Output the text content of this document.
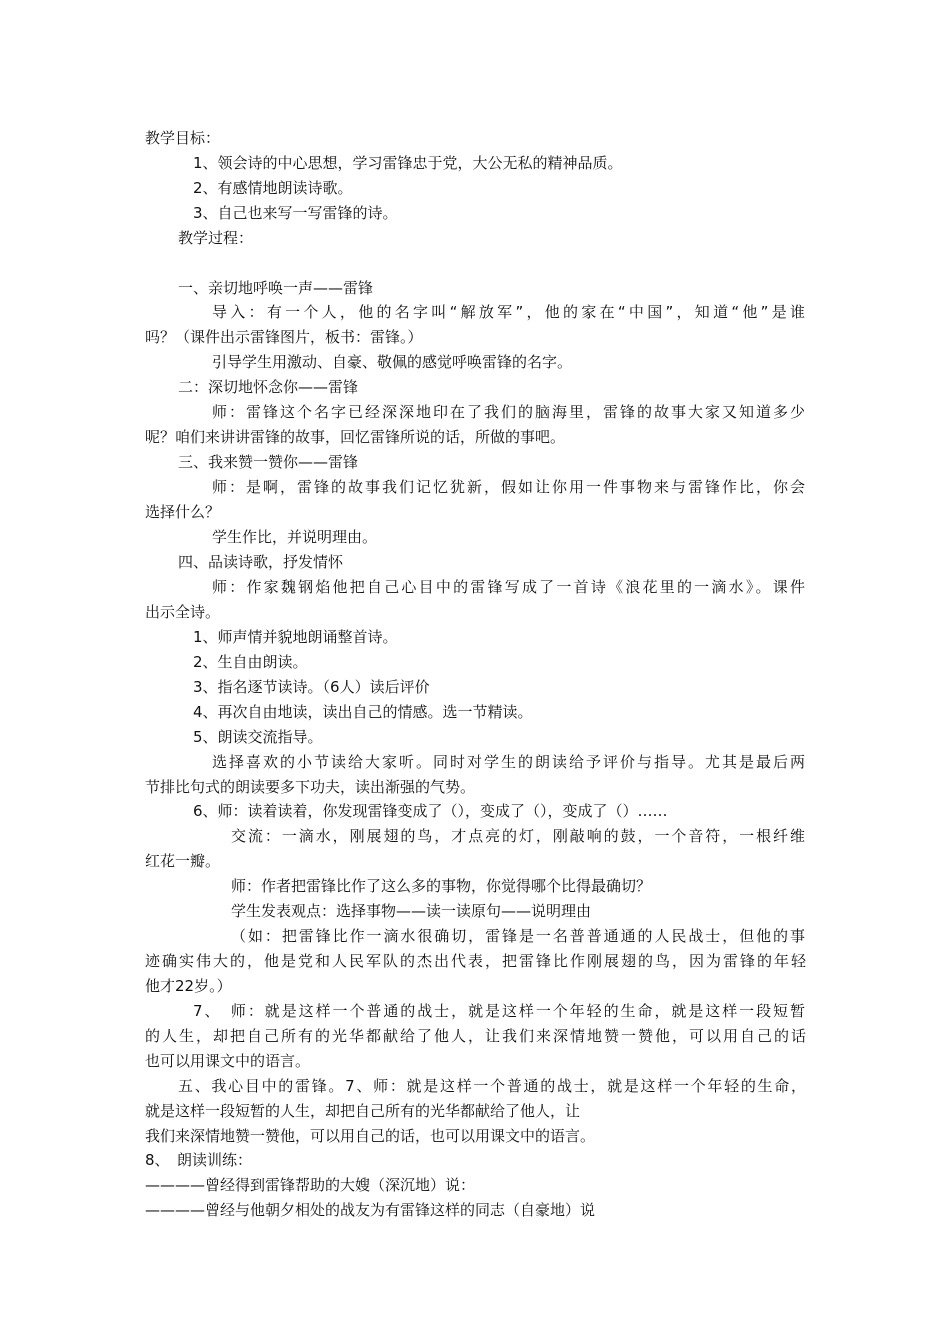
教学目标：
1、领会诗的中心思想，学习雷锋忠于党，大公无私的精神品质。
2、有感情地朗读诗歌。
3、自己也来写一写雷锋的诗。
教学过程：
一、亲切地呼唤一声——雷锋
导入：有一个人，他的名字叫“解放军”，他的家在“中国”，知道“他”是谁
吗？（课件出示雷锋图片，板书：雷锋。）
引导学生用激动、自豪、敬佩的感觉呼唤雷锋的名字。
二：深切地怀念你——雷锋
师：雷锋这个名字已经深深地印在了我们的脑海里，雷锋的故事大家又知道多少
呢？咱们来讲讲雷锋的故事，回忆雷锋所说的话，所做的事吧。
三、我来赞一赞你——雷锋
师：是啊，雷锋的故事我们记忆犹新，假如让你用一件事物来与雷锋作比，你会
选择什么？
学生作比，并说明理由。
四、品读诗歌，抒发情怀
师：作家魏钢焰他把自己心目中的雷锋写成了一首诗《浪花里的一滴水》。课件
出示全诗。
1、师声情并貌地朗诵整首诗。
2、生自由朗读。
3、指名逐节读诗。（6人）读后评价
4、再次自由地读，读出自己的情感。选一节精读。
5、朗读交流指导。
选择喜欢的小节读给大家听。同时对学生的朗读给予评价与指导。尤其是最后两
节排比句式的朗读要多下功夫，读出渐强的气势。
6、师：读着读着，你发现雷锋变成了（），变成了（），变成了（）……
交流：一滴水，刚展翅的鸟，才点亮的灯，刚敲响的鼓，一个音符，一根纤维
红花一瓣。
师：作者把雷锋比作了这么多的事物，你觉得哪个比得最确切？
学生发表观点：选择事物——读一读原句——说明理由
（如：把雷锋比作一滴水很确切，雷锋是一名普普通通的人民战士，但他的事
迹确实伟大的，他是党和人民军队的杰出代表，把雷锋比作刚展翅的鸟，因为雷锋的年轻
他才22岁。）
7、　师：就是这样一个普通的战士，就是这样一个年轻的生命，就是这样一段短暂
的人生，却把自己所有的光华都献给了他人，让我们来深情地赞一赞他，可以用自己的话
也可以用课文中的语言。
五、我心目中的雷锋。7、师：就是这样一个普通的战士，就是这样一个年轻的生命，
就是这样一段短暂的人生，却把自己所有的光华都献给了他人，让
我们来深情地赞一赞他，可以用自己的话，也可以用课文中的语言。
8、　朗读训练：
————曾经得到雷锋帮助的大嫂（深沉地）说：
————曾经与他朝夕相处的战友为有雷锋这样的同志（自豪地）说
